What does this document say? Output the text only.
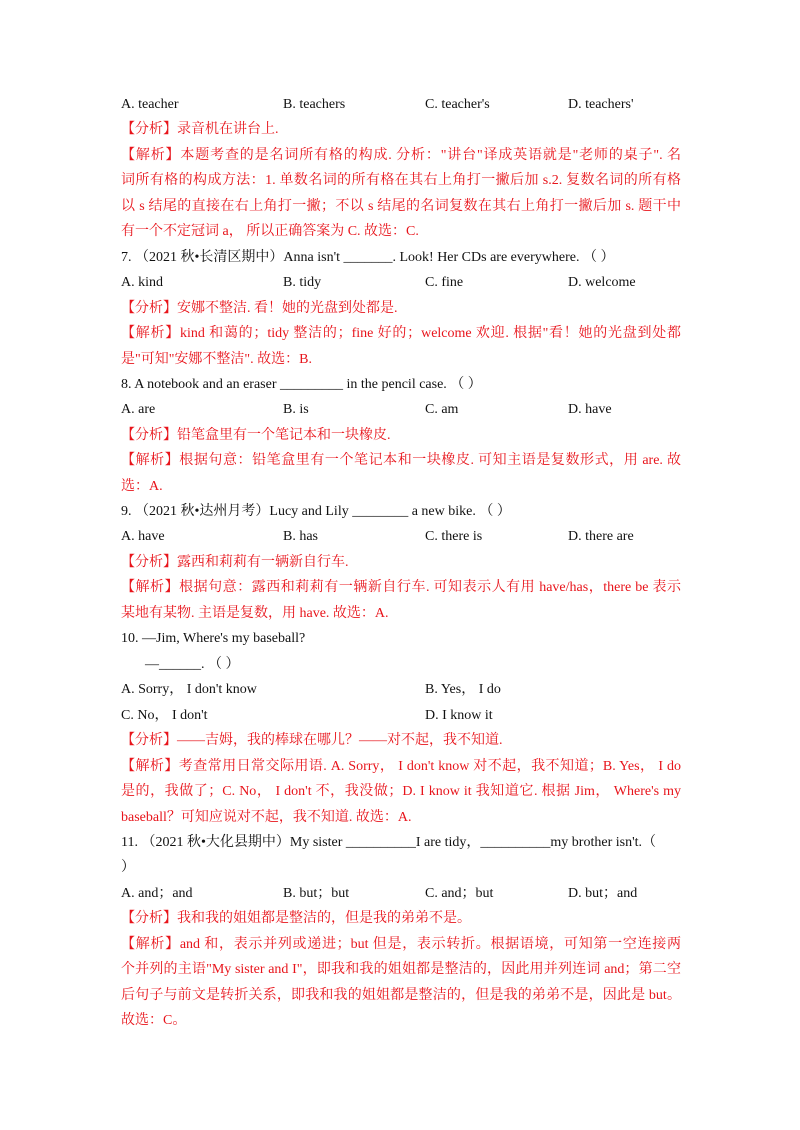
A. teacher	B. teachers	C. teacher's	D. teachers'
【分析】录音机在讲台上.
【解析】本题考查的是名词所有格的构成. 分析："讲台"译成英语就是"老师的桌子". 名
词所有格的构成方法：1. 单数名词的所有格在其右上角打一撇后加 s.2. 复数名词的所有格
以 s 结尾的直接在右上角打一撇；不以 s 结尾的名词复数在其右上角打一撇后加 s. 题干中
有一个不定冠词 a， 所以正确答案为 C. 故选：C.
7. （2021 秋•长清区期中）Anna isn't _______. Look! Her CDs are everywhere. （ ）
A. kind	B. tidy	C. fine	D. welcome
【分析】安娜不整洁. 看！她的光盘到处都是.
【解析】kind 和蔼的；tidy 整洁的；fine 好的；welcome 欢迎. 根据"看！她的光盘到处都
是"可知"安娜不整洁". 故选：B.
8. A notebook and an eraser _________ in the pencil case. （ ）
A. are	B. is	C. am	D. have
【分析】铅笔盒里有一个笔记本和一块橡皮.
【解析】根据句意：铅笔盒里有一个笔记本和一块橡皮. 可知主语是复数形式，用 are. 故
选：A.
9. （2021 秋•达州月考）Lucy and Lily ________ a new bike. （ ）
A. have	B. has	C. there is	D. there are
【分析】露西和莉莉有一辆新自行车.
【解析】根据句意：露西和莉莉有一辆新自行车. 可知表示人有用 have/has，there be 表示
某地有某物. 主语是复数，用 have. 故选：A.
10. —Jim, Where's my baseball?
—______. （ ）
A. Sorry， I don't know	B. Yes， I do
C. No， I don't	D. I know it
【分析】——吉姆，我的棒球在哪儿？——对不起，我不知道.
【解析】考查常用日常交际用语. A. Sorry， I don't know 对不起，我不知道；B. Yes， I do
是的，我做了；C. No， I don't 不，我没做；D. I know it 我知道它. 根据 Jim， Where's my
baseball？可知应说对不起，我不知道. 故选：A.
11. （2021 秋•大化县期中）My sister __________I are tidy，__________my brother isn't.（
）
A. and；and	B. but；but	C. and；but	D. but；and
【分析】我和我的姐姐都是整洁的，但是我的弟弟不是。
【解析】and 和，表示并列或递进；but 但是，表示转折。根据语境，可知第一空连接两
个并列的主语"My sister and I"，即我和我的姐姐都是整洁的，因此用并列连词 and；第二空
后句子与前文是转折关系，即我和我的姐姐都是整洁的，但是我的弟弟不是，因此是 but。
故选：C。
